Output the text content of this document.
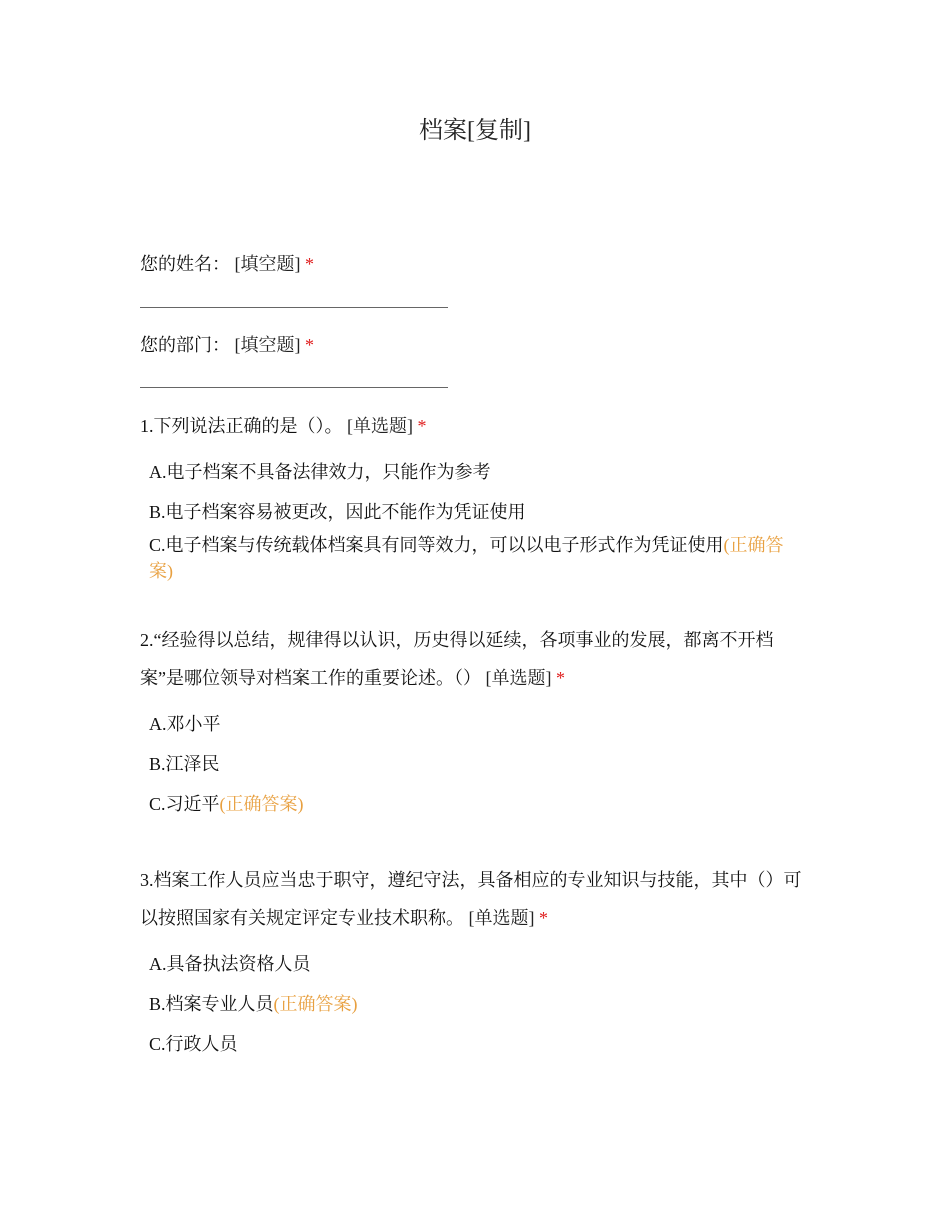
档案[复制]
您的姓名： [填空题] *
您的部门： [填空题] *
1.下列说法正确的是（）。 [单选题] *
A.电子档案不具备法律效力，只能作为参考
B.电子档案容易被更改，因此不能作为凭证使用
C.电子档案与传统载体档案具有同等效力，可以以电子形式作为凭证使用(正确答案)
2.“经验得以总结，规律得以认识，历史得以延续，各项事业的发展，都离不开档案”是哪位领导对档案工作的重要论述。（） [单选题] *
A.邓小平
B.江泽民
C.习近平(正确答案)
3.档案工作人员应当忠于职守，遵纪守法，具备相应的专业知识与技能，其中（）可以按照国家有关规定评定专业技术职称。 [单选题] *
A.具备执法资格人员
B.档案专业人员(正确答案)
C.行政人员
